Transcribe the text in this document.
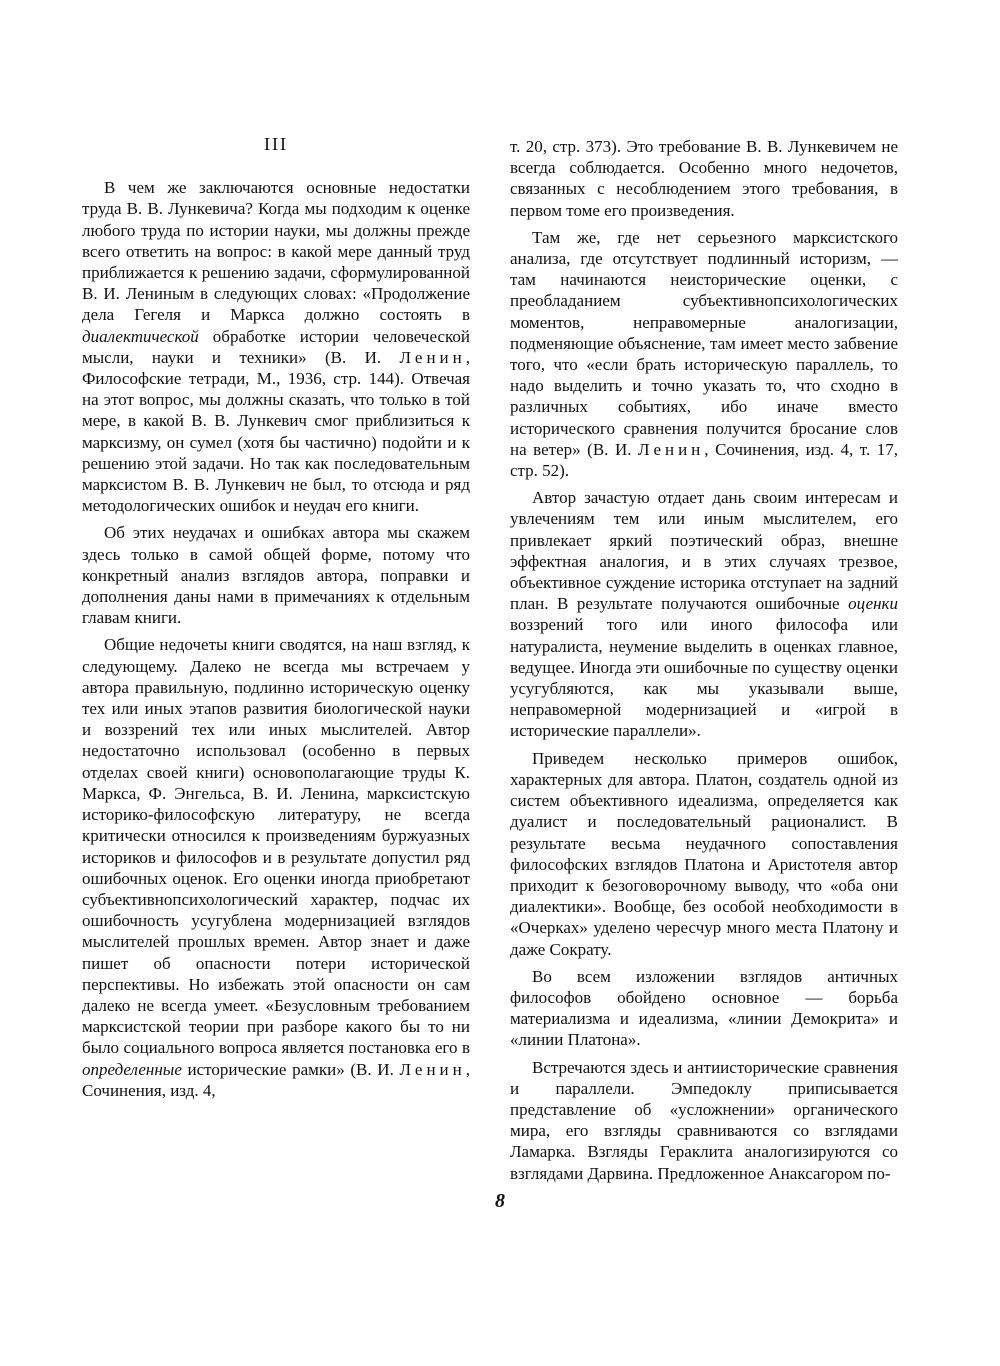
III

В чем же заключаются основные недостатки труда В. В. Лункевича? Когда мы подходим к оценке любого труда по истории науки, мы должны прежде всего ответить на вопрос: в какой мере данный труд приближается к решению задачи, сформулированной В. И. Лениным в следующих словах: «Продолжение дела Гегеля и Маркса должно состоять в диалектической обработке истории человеческой мысли, науки и техники» (В. И. Ленин, Философские тетради, М., 1936, стр. 144). Отвечая на этот вопрос, мы должны сказать, что только в той мере, в какой В. В. Лункевич смог приблизиться к марксизму, он сумел (хотя бы частично) подойти и к решению этой задачи. Но так как последовательным марксистом В. В. Лункевич не был, то отсюда и ряд методологических ошибок и неудач его книги.

Об этих неудачах и ошибках автора мы скажем здесь только в самой общей форме, потому что конкретный анализ взглядов автора, поправки и дополнения даны нами в примечаниях к отдельным главам книги.

Общие недочеты книги сводятся, на наш взгляд, к следующему. Далеко не всегда мы встречаем у автора правильную, подлинно историческую оценку тех или иных этапов развития биологической науки и воззрений тех или иных мыслителей. Автор недостаточно использовал (особенно в первых отделах своей книги) основополагающие труды К. Маркса, Ф. Энгельса, В. И. Ленина, марксистскую историко-философскую литературу, не всегда критически относился к произведениям буржуазных историков и философов и в результате допустил ряд ошибочных оценок. Его оценки иногда приобретают субъективнопсихологический характер, подчас их ошибочность усугублена модернизацией взглядов мыслителей прошлых времен. Автор знает и даже пишет об опасности потери исторической перспективы. Но избежать этой опасности он сам далеко не всегда умеет. «Безусловным требованием марксистской теории при разборе какого бы то ни было социального вопроса является постановка его в определенные исторические рамки» (В. И. Ленин, Сочинения, изд. 4,

т. 20, стр. 373). Это требование В. В. Лункевичем не всегда соблюдается. Особенно много недочетов, связанных с несоблюдением этого требования, в первом томе его произведения.

Там же, где нет серьезного марксистского анализа, где отсутствует подлинный историзм, — там начинаются неисторические оценки, с преобладанием субъективнопсихологических моментов, неправомерные аналогизации, подменяющие объяснение, там имеет место забвение того, что «если брать историческую параллель, то надо выделить и точно указать то, что сходно в различных событиях, ибо иначе вместо исторического сравнения получится бросание слов на ветер» (В. И. Ленин, Сочинения, изд. 4, т. 17, стр. 52).

Автор зачастую отдает дань своим интересам и увлечениям тем или иным мыслителем, его привлекает яркий поэтический образ, внешне эффектная аналогия, и в этих случаях трезвое, объективное суждение историка отступает на задний план. В результате получаются ошибочные оценки воззрений того или иного философа или натуралиста, неумение выделить в оценках главное, ведущее. Иногда эти ошибочные по существу оценки усугубляются, как мы указывали выше, неправомерной модернизацией и «игрой в исторические параллели».

Приведем несколько примеров ошибок, характерных для автора. Платон, создатель одной из систем объективного идеализма, определяется как дуалист и последовательный рационалист. В результате весьма неудачного сопоставления философских взглядов Платона и Аристотеля автор приходит к безоговорочному выводу, что «оба они диалектики». Вообще, без особой необходимости в «Очерках» уделено чересчур много места Платону и даже Сократу.

Во всем изложении взглядов античных философов обойдено основное — борьба материализма и идеализма, «линии Демокрита» и «линии Платона».

Встречаются здесь и антиисторические сравнения и параллели. Эмпедоклу приписывается представление об «усложнении» органического мира, его взгляды сравниваются со взглядами Ламарка. Взгляды Гераклита аналогизируются со взглядами Дарвина. Предложенное Анаксагором по-

8
